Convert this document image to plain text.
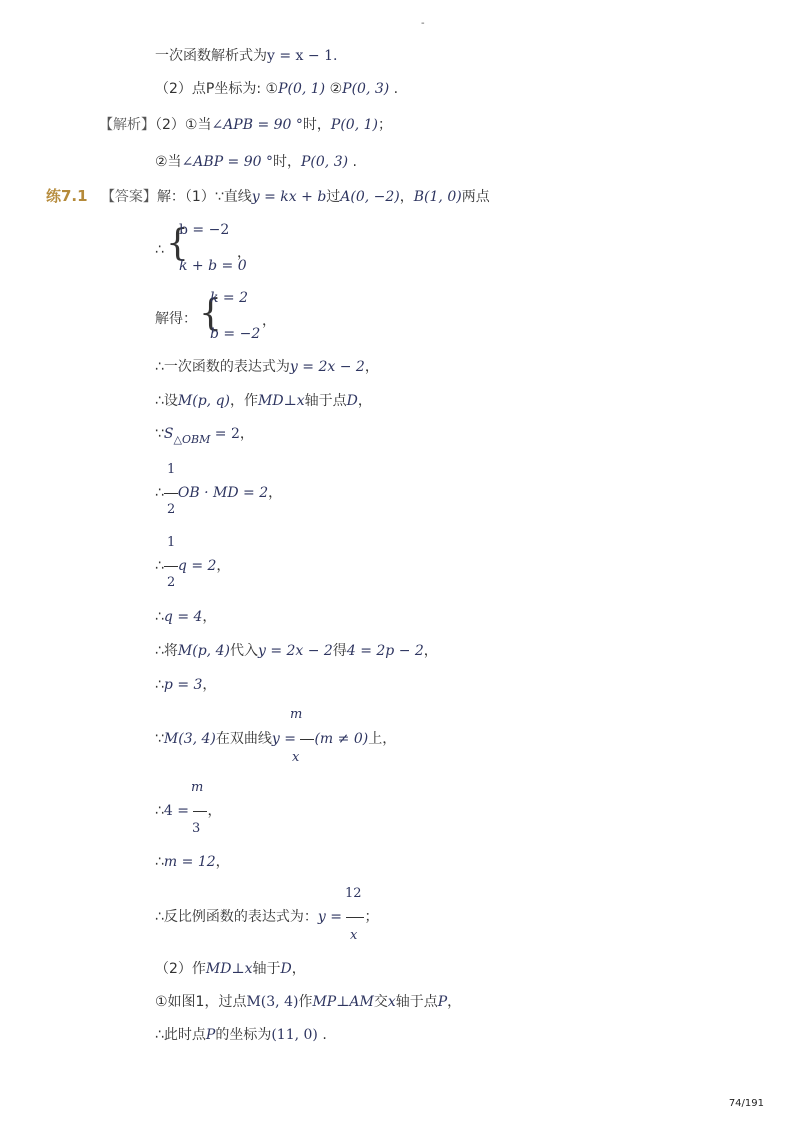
-
一次函数解析式为y = x − 1.
（2）点P坐标为: ①P(0, 1) ②P(0, 3) .
【解析】（2）①当∠APB = 90 °时，P(0, 1)；
②当∠ABP = 90 °时，P(0, 3) .
练7.1 【答案】解：（1）∵直线y = kx + b过A(0, −2)，B(1, 0)两点
∴ {
b = −2
k + b = 0
，
解得： {
k = 2
b = −2
，
∴一次函数的表达式为y = 2x − 2，
∴设M(p, q)，作MD⊥x轴于点D，
$\because S_{\triangle OBM} = 2$，
1
∴ OB · MD = 2，
2
1
∴ q = 2，
2
∴q = 4，
∴将M(p, 4)代入y = 2x − 2得4 = 2p − 2，
∴p = 3，
m
∵M(3, 4)在双曲线y = (m ≠ 0)上，
x
m
∴4 = ，
3
∴m = 12，
12
∴反比例函数的表达式为：y = ；
x
（2）作MD⊥x轴于D，
①如图1，过点M(3, 4)作MP⊥AM交x轴于点P，
∴此时点P的坐标为(11, 0) .
74/191
